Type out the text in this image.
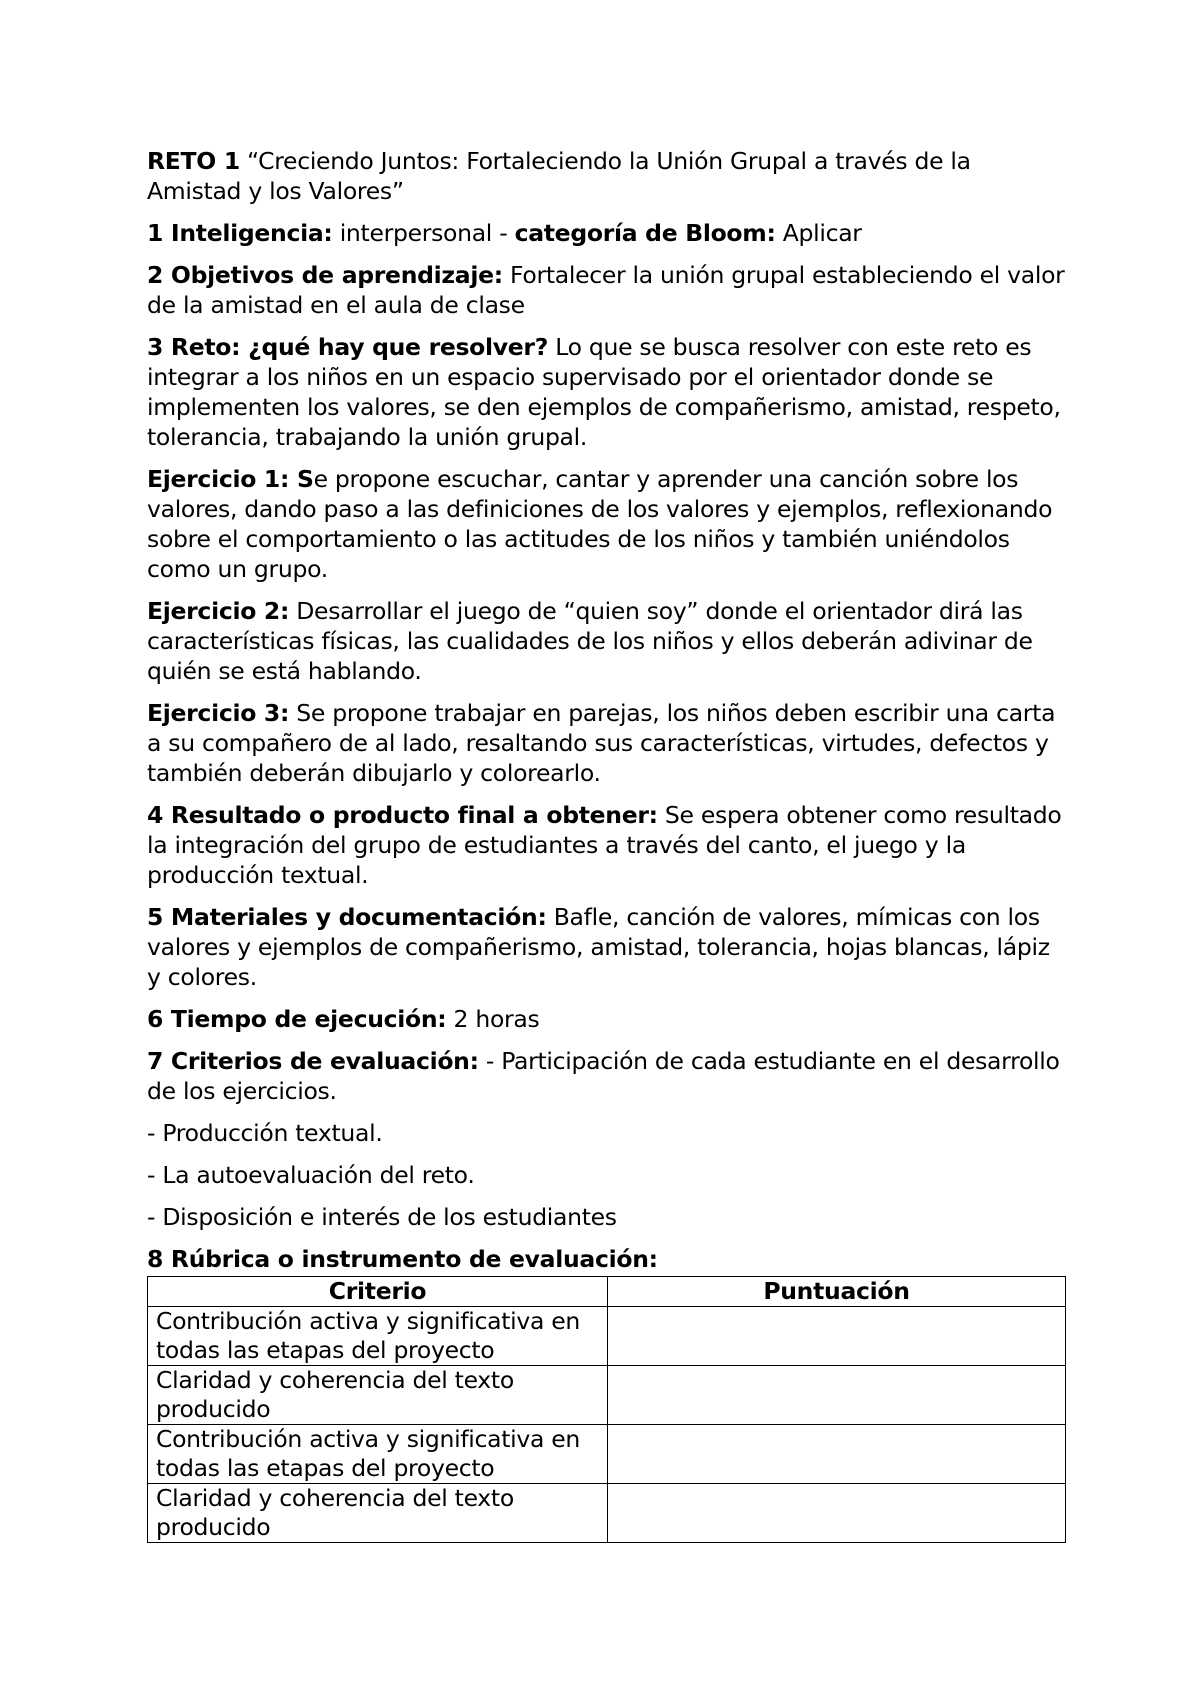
RETO 1 “Creciendo Juntos: Fortaleciendo la Unión Grupal a través de la Amistad y los Valores”

1 Inteligencia: interpersonal - categoría de Bloom: Aplicar

2 Objetivos de aprendizaje: Fortalecer la unión grupal estableciendo el valor de la amistad en el aula de clase

3 Reto: ¿qué hay que resolver? Lo que se busca resolver con este reto es integrar a los niños en un espacio supervisado por el orientador donde se implementen los valores, se den ejemplos de compañerismo, amistad, respeto, tolerancia, trabajando la unión grupal.

Ejercicio 1: Se propone escuchar, cantar y aprender una canción sobre los valores, dando paso a las definiciones de los valores y ejemplos, reflexionando sobre el comportamiento o las actitudes de los niños y también uniéndolos como un grupo.

Ejercicio 2: Desarrollar el juego de “quien soy” donde el orientador dirá las características físicas, las cualidades de los niños y ellos deberán adivinar de quién se está hablando.

Ejercicio 3: Se propone trabajar en parejas, los niños deben escribir una carta a su compañero de al lado, resaltando sus características, virtudes, defectos y también deberán dibujarlo y colorearlo.

4 Resultado o producto final a obtener: Se espera obtener como resultado la integración del grupo de estudiantes a través del canto, el juego y la producción textual.

5 Materiales y documentación: Bafle, canción de valores, mímicas con los valores y ejemplos de compañerismo, amistad, tolerancia, hojas blancas, lápiz y colores.

6 Tiempo de ejecución: 2 horas

7 Criterios de evaluación: - Participación de cada estudiante en el desarrollo de los ejercicios.

- Producción textual.

- La autoevaluación del reto.

- Disposición e interés de los estudiantes

8 Rúbrica o instrumento de evaluación:

Criterio	Puntuación
Contribución activa y significativa en todas las etapas del proyecto	
Claridad y coherencia del texto producido	
Contribución activa y significativa en todas las etapas del proyecto	
Claridad y coherencia del texto producido	
